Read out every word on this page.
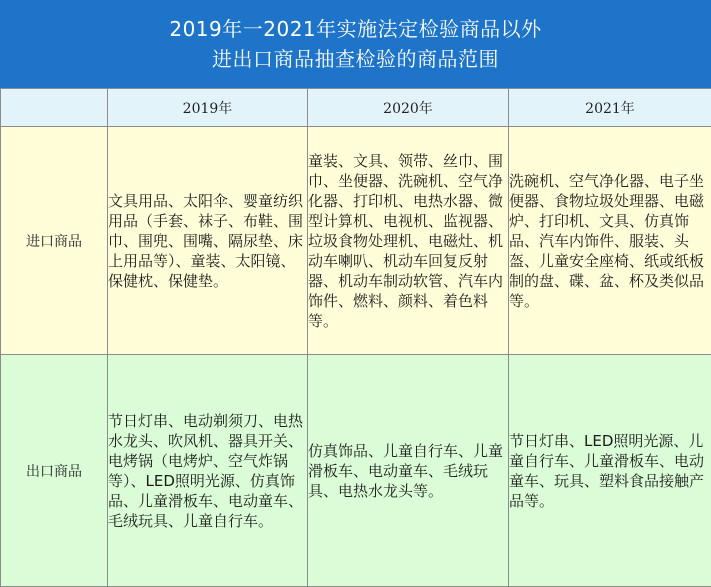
2019年一2021年实施法定检验商品以外
进出口商品抽查检验的商品范围
	2019年	2020年	2021年
进口商品	文具用品、太阳伞、婴童纺织用品（手套、袜子、布鞋、围巾、围兜、围嘴、隔尿垫、床上用品等）、童装、太阳镜、保健枕、保健垫。	童装、文具、领带、丝巾、围巾、坐便器、洗碗机、空气净化器、打印机、电热水器、微型计算机、电视机、监视器、垃圾食物处理机、电磁灶、机动车喇叭、机动车回复反射器、机动车制动软管、汽车内饰件、燃料、颜料、着色料等。	洗碗机、空气净化器、电子坐便器、食物垃圾处理器、电磁炉、打印机、文具、仿真饰品、汽车内饰件、服装、头盔、儿童安全座椅、纸或纸板制的盘、碟、盆、杯及类似品等。
出口商品	节日灯串、电动剃须刀、电热水龙头、吹风机、器具开关、电烤锅（电烤炉、空气炸锅等）、LED照明光源、仿真饰品、儿童滑板车、电动童车、毛绒玩具、儿童自行车。	仿真饰品、儿童自行车、儿童滑板车、电动童车、毛绒玩具、电热水龙头等。	节日灯串、LED照明光源、儿童自行车、儿童滑板车、电动童车、玩具、塑料食品接触产品等。
